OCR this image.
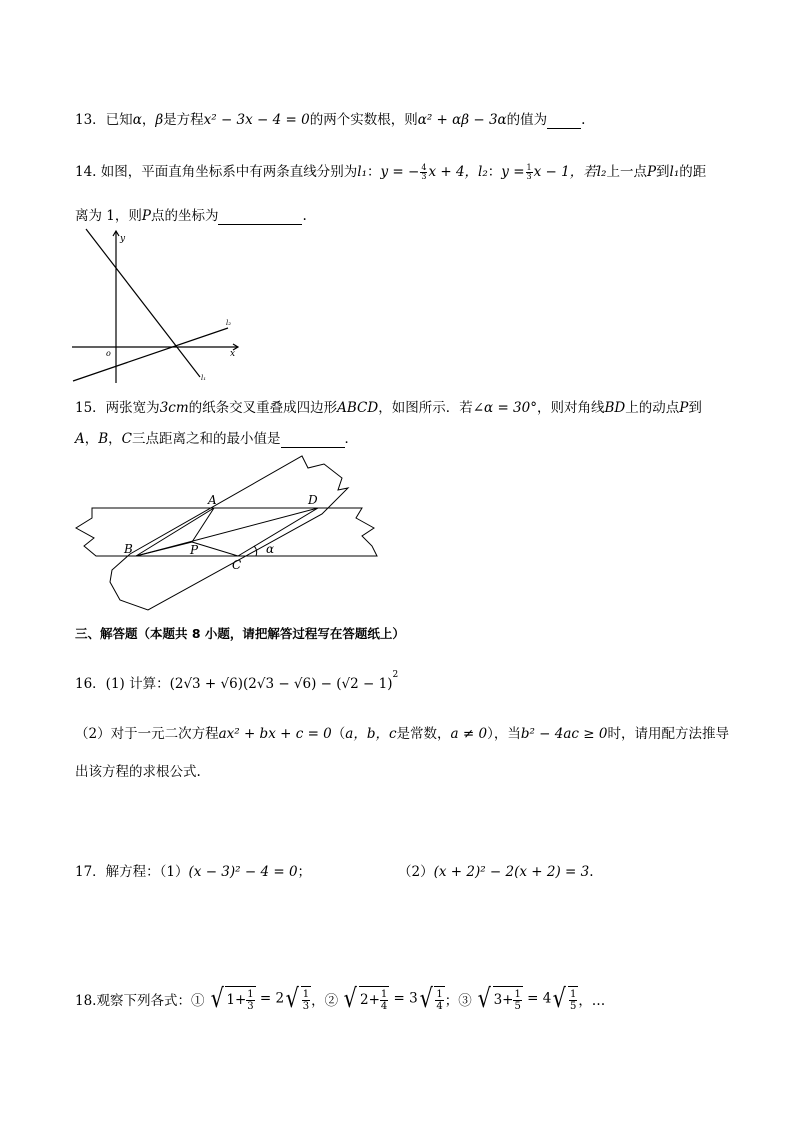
13．已知α，β是方程x² − 3x − 4 = 0的两个实数根，则α² + αβ − 3α的值为	.
14. 如图，平面直角坐标系中有两条直线分别为l₁：y = − $\frac{4}{3}$ x + 4，l₂：$y = \frac{1}{3}$ x − 1，若l₂上一点P到l₁的距
离为 1，则P点的坐标为	.
y
x
o
l₂
l₁
15．两张宽为3cm的纸条交叉重叠成四边形ABCD，如图所示．若∠α = 30°，则对角线BD上的动点P到
A，B，C三点距离之和的最小值是	．
A	D
B	P
C
α
三、解答题（本题共 8 小题，请把解答过程写在答题纸上）
16．(1) 计算：$(2√3 + √6)(2√3 - √6) - (√2 - 1)^2$
（2）对于一元二次方程ax² + bx + c = 0（a，b，c是常数，a ≠ 0），当b² − 4ac ≥ 0时，请用配方法推导
出该方程的求根公式.
17．解方程：（1）(x − 3)² − 4 = 0；	（2）(x + 2)² − 2(x + 2) = 3.
18.观察下列各式：① √ $1+ \frac{1}{3} = 2√ \frac{1}{3}$ ，② √ $2+ \frac{1}{4} = 3√ \frac{1}{4}$ ；③ √ $3+ \frac{1}{5} = 4√ \frac{1}{5}$ ，…
